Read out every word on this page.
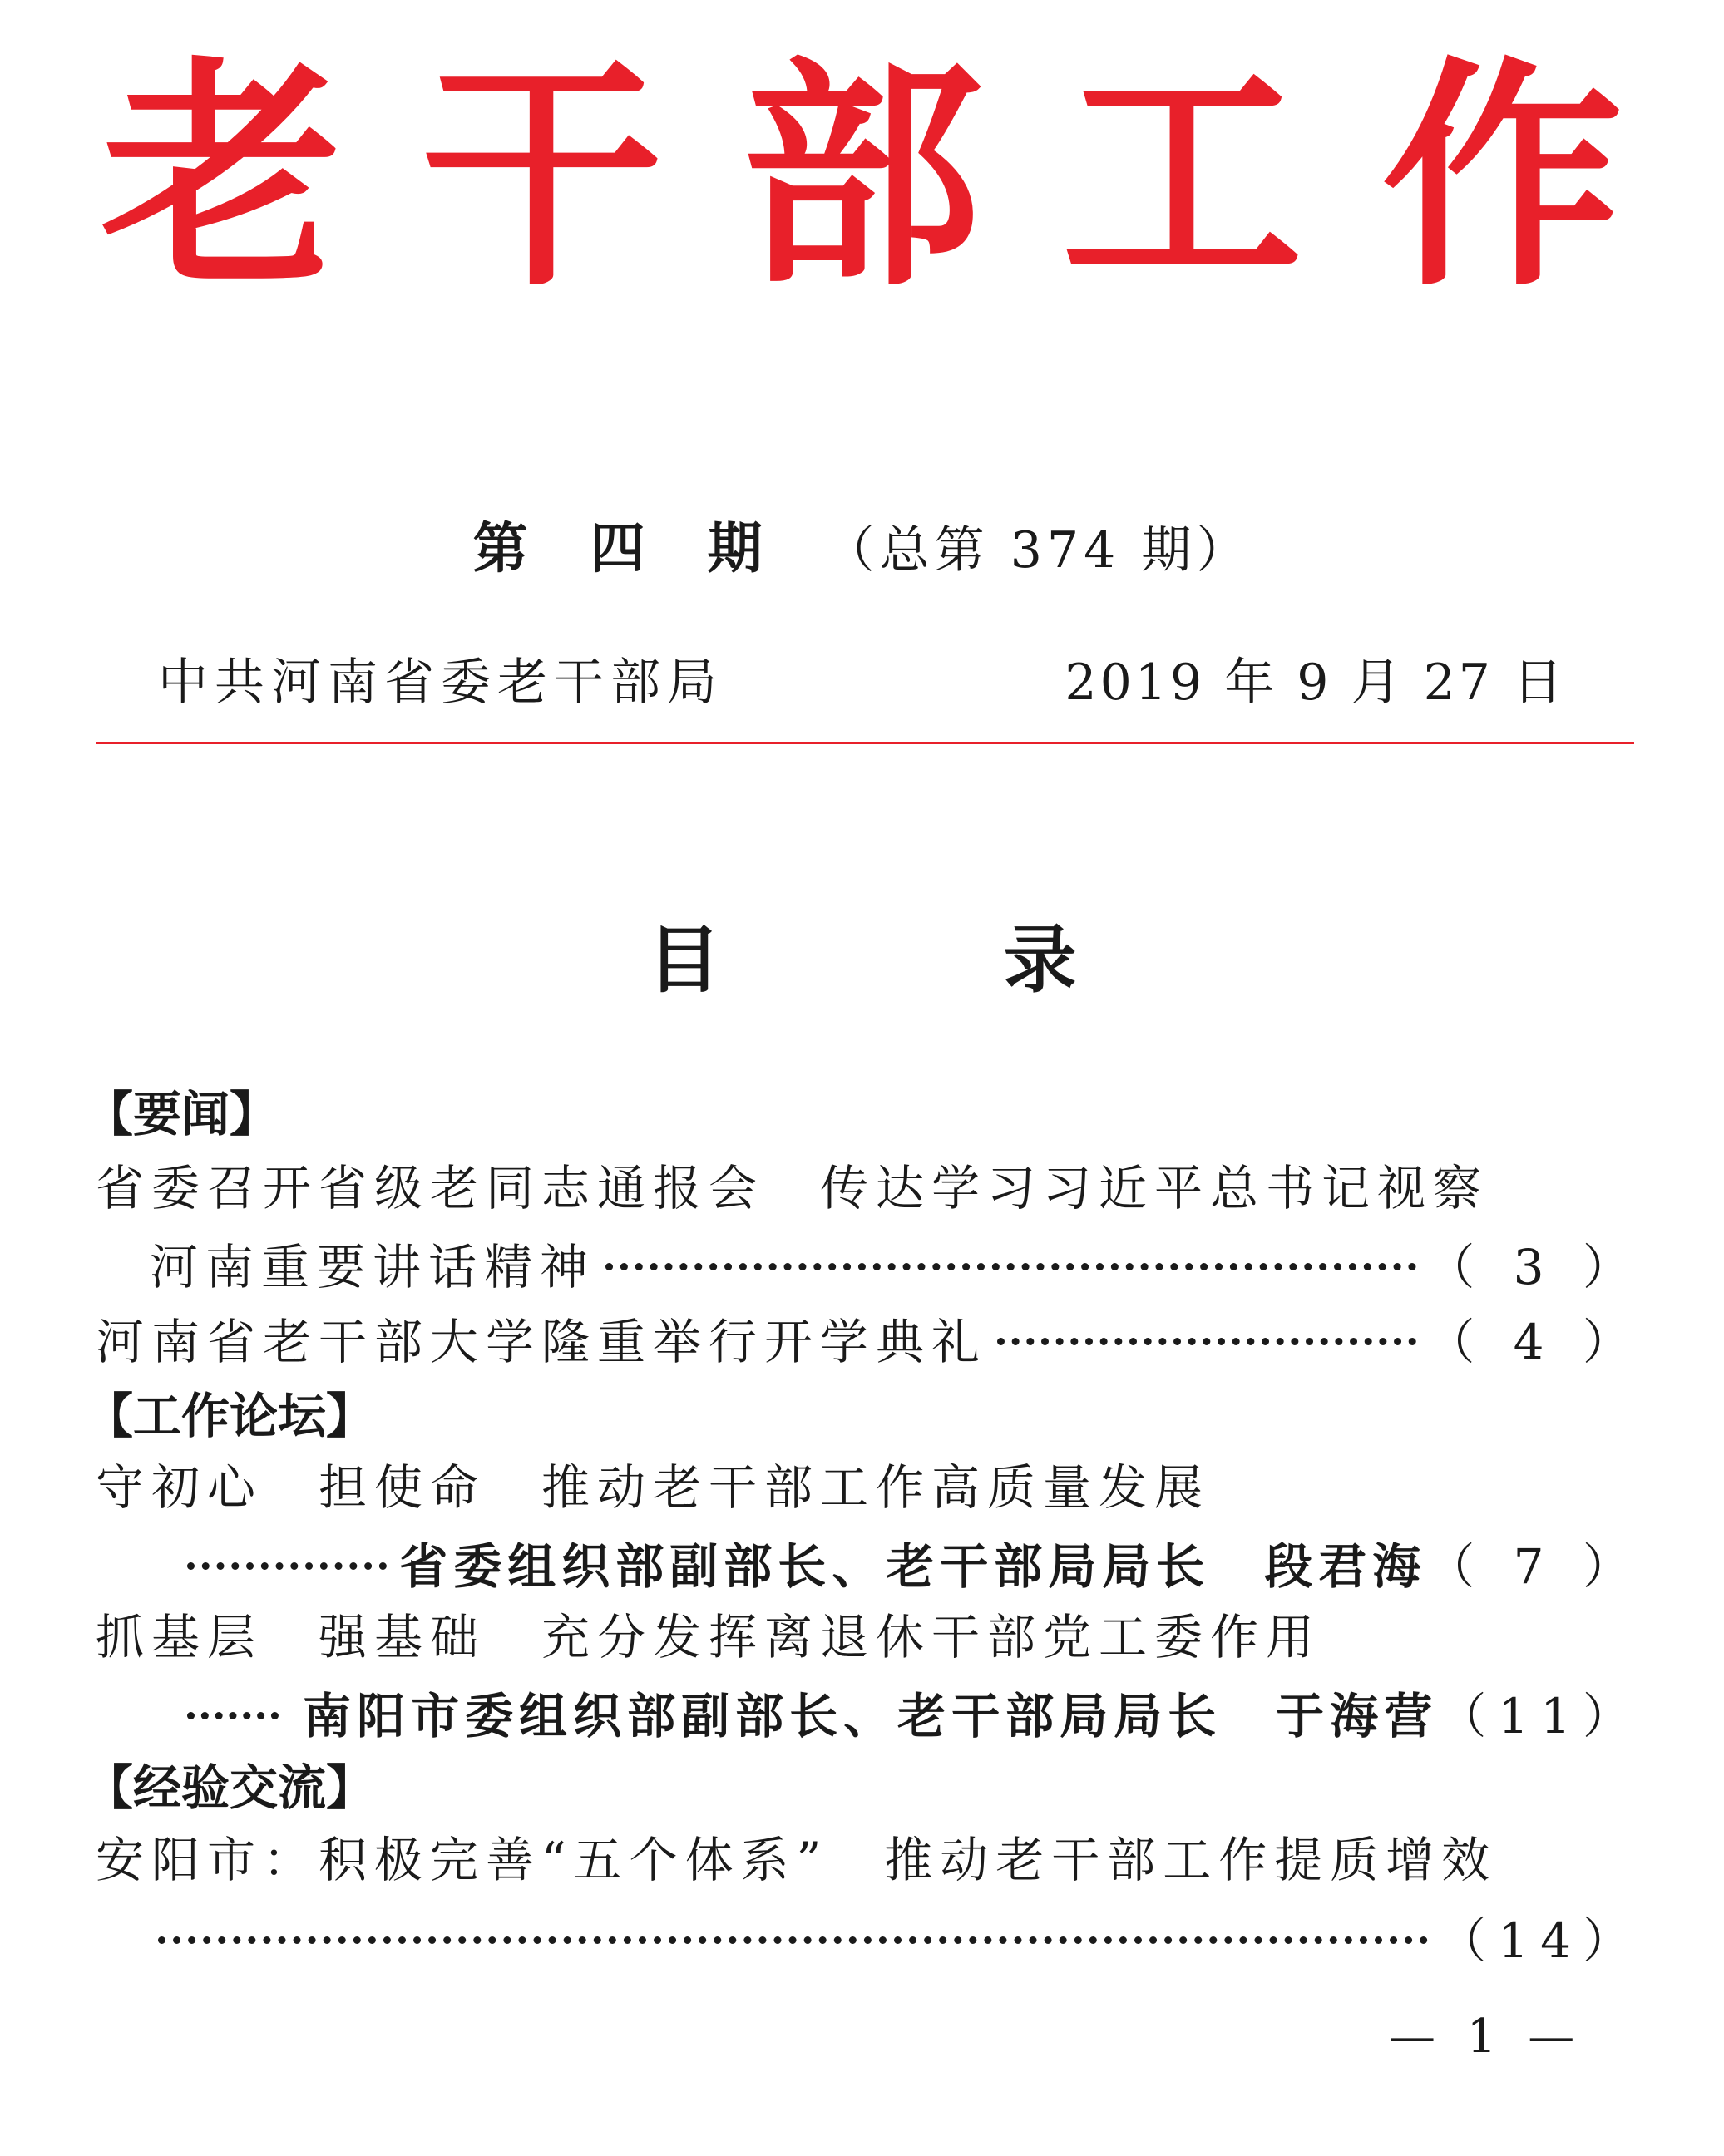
老 干 部 工 作
第四期（总第 374 期）
中共河南省委老干部局	2019 年 9 月 27 日
目	录
【要闻】
省委召开省级老同志通报会　传达学习习近平总书记视察
河南重要讲话精神	（ 3 ）
河南省老干部大学隆重举行开学典礼	（ 4 ）
【工作论坛】
守初心　担使命　推动老干部工作高质量发展
省委组织部副部长、老干部局局长　段君海 （ 7 ）
抓基层　强基础　充分发挥离退休干部党工委作用
南阳市委组织部副部长、老干部局局长　于海营 （11）
【经验交流】
安阳市：积极完善“五个体系”　推动老干部工作提质增效
（14）
— 1 —
